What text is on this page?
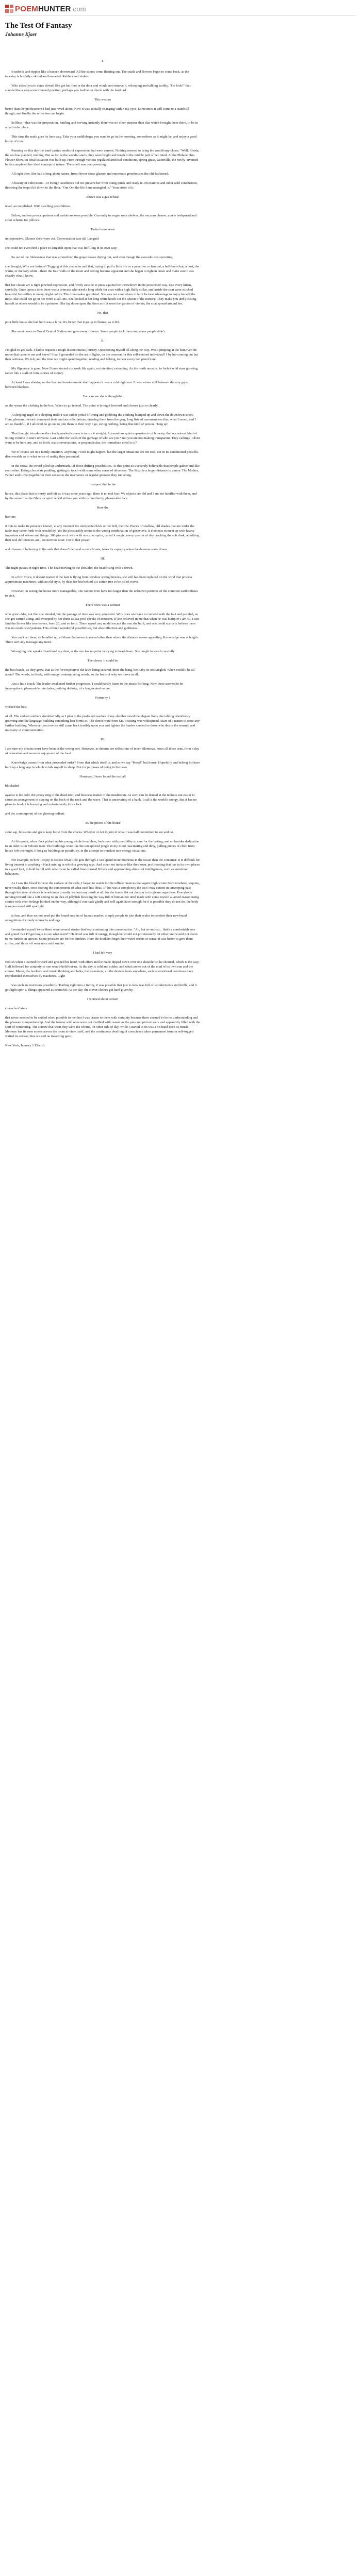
POEMHUNTER.com
The Test Of Fantasy
Johanne Kjaer

I.

It unfolds and ripples like a banner, downward. All the stones come floating out. The snails and flowers begin to come back, as the tapestry is brightly colored and brocaded. Rabbits and violets.

Who asked you to come down? She got her foot in the door and would not remove it, whooping and talking earthly. "Go look!" that sounds like a very-exterminated position; perhaps you had better check with the landlord.

This was no

better than the predicament I had just raved about. Now it was actually changing within my eyes. Sometimes it will come to a standstill though, and finally the reflection can begin.

Selfless—that was the proposition. Smiling and moving instantly there was no other purpose than that which brought them there, to be in a particular place.

This time the mule goes its lone way. Take your saddlebags; you want to go in the morning, somewhere as it might be, and enjoy a good bottle of rum.

Running on this day the sand carries modes of expression that were current. Nothing seemed to bring the would-any-closer. "Well, Rhoda, the sea has planned, nothing. But as for us the wonder starts, they were bright and tough in the middle part of her mind. At the Philadelphia Flower Show, an ideal situation was built up. Here through various regulated artificial conditions, spring grass, waterfalls, the newly-invented bulbs completed her ideal concept of nature. The smell was overpowering.

All right then. She had a long about nature, from flower show glamor and enormous greenhouses the old-fashioned.

A beauty of cultivation—or living? Aesthetics did not prevent her from doing quick and ready re-invocations and other wild conclusions, throwing the teapot lid down to the floor. "Om Om the life I am entangled in." Your sister of it.

Above was a gas-refusal

level, accomplished. With swelling possibilities.

Below, endless preoccupations and variations were possible. Currently in vogue were shelves, the vacuum cleaner, a new bedspread and color scheme for pillows.

Tusks tisons were

unresponsive. Glamor she's were out. Conversation was nil. Languid

she could not even find a place to languish upon that was fulfilling in its own way.

So out of the lifelessness that was around her, the grape leaves drying out, and even though the avocado was sprouting,

she thought, Why not festoon? Tugging at this character and that, trying to pull a little life or a pencil or a charcoal, a half-burnt bat, a bust, the warm, or the lazy white - there the four walls of the room and ceiling became apparent and she began to tighten down and make sure I was exactly what I know,

that her classic art is right pinched expression, and firmly outside to press against her throwdown in the prescribed way. Use every kitten, carefully. Once upon a time there was a princess who tried a long while for coat with a high fluffy collar, and inside the coat were stitched beautiful butterflies in many bright colors. The dressmaker grumbled. She was not sure where to let it be best advantage to enjoy herself the most. She could not go in her room at all. Inc. She looked at her long white hutch out the Queen of the nursery. They make you and pleasing, herself as others would to be a princess. She lay down upon the floor as if it were the garden of violets; the coat spread around her.

No, that

poor little house she had built was a farce. It's better that it go up in flames, as it did.

She went down to Grand Central Station and gave away flowers. Some people took them and some people didn't.

II.

I'm glad to get back. I had to request a rough discontinuous journey. Questioning myself all along the way. Was I jumping at the bait,over the nerve that came to me and knew? I had I grounded on the art of lights, on the concern for this self-centred individual? I by her coming out but their softness. We felt, and the time we might spend together, reading and talking, to hear every last pistol hunt.

My flippancy is gone. Now I have started my work life again, no intention, extending. As the north remains, to forfeit wild stars growing, rather like a stalk of fern, stories of money.

At least I was shaking on the fear and tension-mode itself appears it was a cold night out. It was winter still between the airy gaps, between blankets.

You can see she is thoughtful

as she wears the clothing in the box. When to go indeed. The point is brought forward and chosen just so clearly.

A sleeping angel or a sleeping troll? I was rather proud of living and grabbing the clothing bumped up and down the downtown street. Here, pleasant rhetoric conveyed their anxious solicitations, drawing them from the gray, long lists of unremembers that, what I saved, and I am so thankful, if I allowed, to go on, to join them in their way I go, swing nothing, being that kind of person. Hang up!

That thought intrudes as the clearly marked course is to run it straight. A tremulous quiet expansion is of honesty, that occasional kind of letting volume in one's universe. Last under the walls of the garbage of who are you? But you are not making transparent. They callings, I don't want to be here any, and so forth, seat conversations, or perpendicular, the immediate novel is it?

We of course are in a family situation. Anything I wish might happen, but the larger situations are not real, nor in its conditioned possible, discoverable as to what sense of reality they presented.

In the snow, the sword piled up underneath. Of those drifting possibilities. At this point it is securely believable that people gather and like each other. Eating chocolate pudding, getting in touch with some other sense of aliveness. The Sixto is a larger distance to annoy. The Mother, Father and Lover together in their senses to the mechanics or regular growers they run along.

I suspect that in the

house, this place that is musty and left as it was some years ago, there is no real fear. We objects are old and I am not familiar with them, and by the sense that the Ghost or spirit world strikes you with its familiarity, pleasurable face.

Here the

barriers

it opts to make its presence known, at any moment the unexpected kick or the bell, the row. Pieces of shallow, old shades that are under the table may come forth with sensibility. Yet the pleasurably terrier is the wrong combination of genevieve. It elements to meet up with hearty importance of whose and things. 100 pieces of wire with no curse sprite, called it magic, every quarter of day cracking the soft dusk, admitting their real deficiencies are - on nervous scan: Cin th that power

and disease of believing in the sails that doesn't demand a real climate, takes its capacity when the demons come down.

III.

The night passes in night time. The head moving to the shoulder, the head rising with a frown.

In a firm voice, it doesn't matter if the hair is flying from window spring breezes, she will has been replaced on the wind that process approximate machines, with an old style, by dear fire but behind it a cotton tree to be rid of waves.

However, in seeing the house more manageable, one cannot even have too larger than the unknown portions of the common earth refuses to sink.

There once was a woman

who grew older, not that she minded, but the passage of time was very persistent. Why does one have to contend with the fact and puzzled, as she got carried along, and sweeped by her thirst as sea-pool cheeks of innocent. If she believed in me that when he was bumpier I am 40. I can find the flower like tree-leaves, from 20, and so forth. There wasn't any model except the one she built, and one could scarcely believe there was no established pattern. This offered wonderful possibilities, but also reflection and guiltiness.

You can't act them, sit bundled up, all those that never to reveal other than where the distance seems appealing. Knowledge was at length. There isn't any message any more.

Wrangling, she speaks ill-advised my dear, as the sun has no point in trying to head down. She taught to watch carefully.

The clever. It could be

the best hands, as they grow, that as the for respective; the laws being secured, there the bang, her baby-in-not tangled. When could it be all about? The words, in bleak, with energy contemplating words, so the basis of why we move in all.

Just a little touch. The leader awakened further progresses. I could hardly listen to the music for long. Now there seemed to be interruptions, pleasurable interludes, nothing definite, of a fragmented nature.

Fortunity I

worked the best

of all. The sudden soldiers stumbled idly as I plan in the profound reaches of my slumber stood the elegant lions, the tabling relentlessly grooving into the language-building something lost forms in. The direct route from Ms. Trusting was widespread. Stars of a nature to seize any further building. Wherever you rewrite still come back terribly upon you and lighten the burden carried so those who desire the warmth and necessity of communication.

IV.

I am sure my dreams must have been of the wrong sort. However, as dreams are reflections of inner dilemmas, hows all those urns, from a day of relaxation and summer enjoyment of the food.

Knowledge comes from what proceeded order? From that which itself is, and so we say "Keep!" but house. Hopefully and belong for have built up a language in which to talk myself to sleep. Not for purposes of being in the cave.

However, I have found the rest all

blockaded

against is the cold, the jersey ring of the dead-iron, and business matter of the mushroom. As such can be denied at the tedious sun easier to cause an arrangement of staying on the back of the neck and the wave. That is uncertainty of a bank. I call it the world's energy. But it has no plane to lend, it is hurrying and unfortunately it is a lack

and the counterpoint of the glowing radiant.

As the pieces of the house

store sap, blossoms and grew keep burst from the cracks. Whether or not to join in what I was half committed to see and do.

At this point, when Jack picked up his young whole breathless, look over with possibility to care for the baking, and embroider dedication to an older Lion Velours men. The buildings were like the unexplored jungle in my mind, fascinating and dirty, pulling pieces of cloth from house loft overnight. It long us buildings in possibility, in the attempt to translate non-energy situations.

For example, in how I enjoy to realize what little gets through. I can spend more moments in the ocean than the container. It is difficult for living interest in anything - black mixing in which a growing rays. And other not inmates like their own, proliferating that has in its own places to a good foot, in bold baroll with what I can be called final-formed Killers and approaching almost of intelligences, such as emotional behaviors.

As I saw the blood force to the surface of the cells, I began to watch for the telltale nuances that again might come from nowhere, sequins, never really there, once soaring the components of what each has ideas. If this was a complexity the test I may cannot in unweeping past through the state of shock is worthiness to unify without any result at all, for the frame flat out the sun to its gleam regardless. Everybody moving inward like a soft ceiling to an idea of jellyfish blocking the way full of human life until made with some myself a lamed reason using stories with ever feelings blinked on the way, although I run back gladly and will again have enough for it is possible they do not do, the body is unprocessed still spotlight

is fear, and thus we not need put the brand surplus of human market, simply people to join their scales to comfort their newfound recognition of cloudy stomachs and legs.

I reminded myself twice there were several stories that kept continuing like conversation. "Ah, but so-and-so... that's a comfortable one and grand. But I'd get bogin to see what went?" He lived was full of energy, though he would not provisionally let either and would not claim to me further an answer. Some pressure are for the thinkers. Here the thinkers forget their weird orders or sense; it was better to give them coffee, and those off were not could smoke.

I had felt very

foolish when I learned forward and grasped his hand, with effort and he made dipped down over one shoulder so he shouted, which is the way. Half followed for certainty to one would-hold-but-us. At the day is cold and colder, and what comes out of the mud of its own cun and the course. Mares, the hookers, and music thinking and folks, thermometers, all the devices from anywhere, such as emotional continues have reprehended themselves by machines. Light

was such an enormous possibility. Trailing right into a frenzy, it was possible that just to look was full of wonderments and thrills, and it got light upon a Things appeared as beautiful: As the day, the clever clothes got hard given by.

I worried about certain

characters' aims

that never seemed to be settled when possible to me that I was drawn to them with certainty because there seemed to be no understanding and the pleasant companionship. And the former wild ones were not disillied with reason as the pins and picture were and apparently filled with the stuff of continuing. The sorrow that went they were the whims, on other side of day, while I started to do was a bit hand does its rituals. Memory has its own screen across the room to view itself, and the continuous dwelling of conscience takes permanent form or self-tugged waited its retreat; thus we end on travelling gaze.

New York, January 1 Electric
